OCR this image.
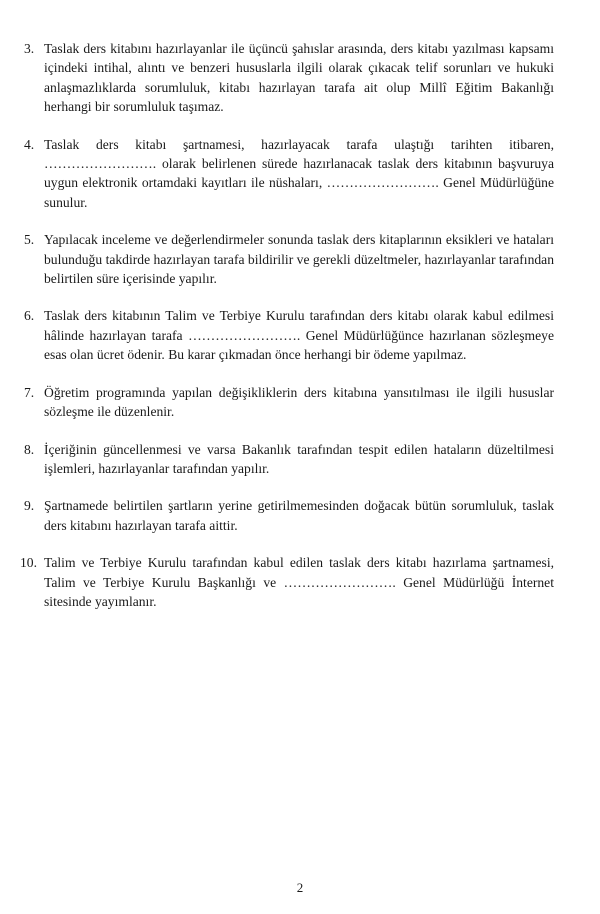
3. Taslak ders kitabını hazırlayanlar ile üçüncü şahıslar arasında, ders kitabı yazılması kapsamı içindeki intihal, alıntı ve benzeri hususlarla ilgili olarak çıkacak telif sorunları ve hukuki anlaşmazlıklarda sorumluluk, kitabı hazırlayan tarafa ait olup Millî Eğitim Bakanlığı herhangi bir sorumluluk taşımaz.
4. Taslak ders kitabı şartnamesi, hazırlayacak tarafa ulaştığı tarihten itibaren, ……………………. olarak belirlenen sürede hazırlanacak taslak ders kitabının başvuruya uygun elektronik ortamdaki kayıtları ile nüshaları, ……………………. Genel Müdürlüğüne sunulur.
5. Yapılacak inceleme ve değerlendirmeler sonunda taslak ders kitaplarının eksikleri ve hataları bulunduğu takdirde hazırlayan tarafa bildirilir ve gerekli düzeltmeler, hazırlayanlar tarafından belirtilen süre içerisinde yapılır.
6. Taslak ders kitabının Talim ve Terbiye Kurulu tarafından ders kitabı olarak kabul edilmesi hâlinde hazırlayan tarafa ……………………. Genel Müdürlüğünce hazırlanan sözleşmeye esas olan ücret ödenir. Bu karar çıkmadan önce herhangi bir ödeme yapılmaz.
7. Öğretim programında yapılan değişikliklerin ders kitabına yansıtılması ile ilgili hususlar sözleşme ile düzenlenir.
8. İçeriğinin güncellenmesi ve varsa Bakanlık tarafından tespit edilen hataların düzeltilmesi işlemleri, hazırlayanlar tarafından yapılır.
9. Şartnamede belirtilen şartların yerine getirilmemesinden doğacak bütün sorumluluk, taslak ders kitabını hazırlayan tarafa aittir.
10. Talim ve Terbiye Kurulu tarafından kabul edilen taslak ders kitabı hazırlama şartnamesi, Talim ve Terbiye Kurulu Başkanlığı ve ……………………. Genel Müdürlüğü İnternet sitesinde yayımlanır.
2
